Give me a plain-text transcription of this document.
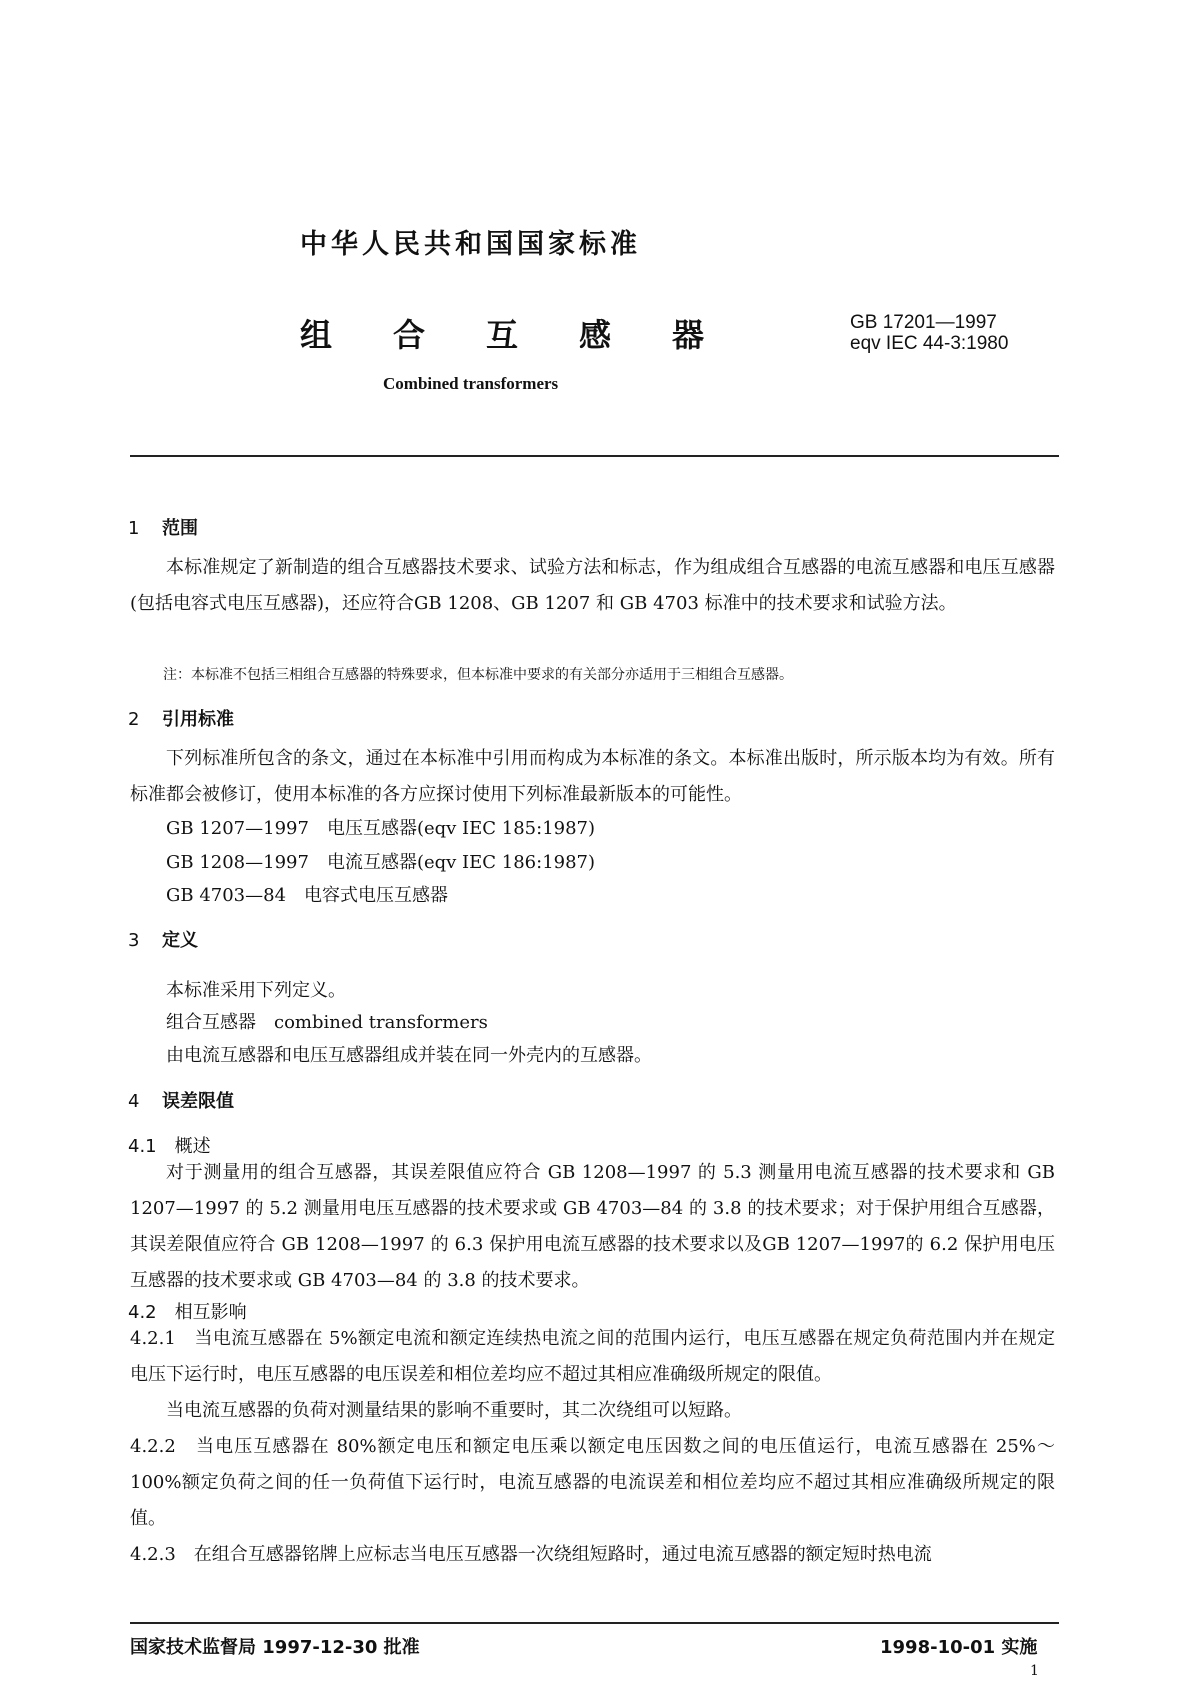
中华人民共和国国家标准
组 合 互 感 器	GB 17201—1997
eqv IEC 44-3:1980
Combined transformers
1 范围
本标准规定了新制造的组合互感器技术要求、试验方法和标志，作为组成组合互感器的电流互感器和电压互感器(包括电容式电压互感器)，还应符合GB 1208、GB 1207 和 GB 4703 标准中的技术要求和试验方法。
注：本标准不包括三相组合互感器的特殊要求，但本标准中要求的有关部分亦适用于三相组合互感器。
2 引用标准
下列标准所包含的条文，通过在本标准中引用而构成为本标准的条文。本标准出版时，所示版本均为有效。所有标准都会被修订，使用本标准的各方应探讨使用下列标准最新版本的可能性。
GB 1207—1997　电压互感器(eqv IEC 185:1987)
GB 1208—1997　电流互感器(eqv IEC 186:1987)
GB 4703—84　电容式电压互感器
3 定义
本标准采用下列定义。
组合互感器　combined transformers
由电流互感器和电压互感器组成并装在同一外壳内的互感器。
4 误差限值
4.1　概述
对于测量用的组合互感器，其误差限值应符合 GB 1208—1997 的 5.3 测量用电流互感器的技术要求和 GB 1207—1997 的 5.2 测量用电压互感器的技术要求或 GB 4703—84 的 3.8 的技术要求；对于保护用组合互感器，其误差限值应符合 GB 1208—1997 的 6.3 保护用电流互感器的技术要求以及GB 1207—1997的 6.2 保护用电压互感器的技术要求或 GB 4703—84 的 3.8 的技术要求。
4.2　相互影响
4.2.1　当电流互感器在 5%额定电流和额定连续热电流之间的范围内运行，电压互感器在规定负荷范围内并在规定电压下运行时，电压互感器的电压误差和相位差均应不超过其相应准确级所规定的限值。
当电流互感器的负荷对测量结果的影响不重要时，其二次绕组可以短路。
4.2.2　当电压互感器在 80%额定电压和额定电压乘以额定电压因数之间的电压值运行，电流互感器在 25%～100%额定负荷之间的任一负荷值下运行时，电流互感器的电流误差和相位差均应不超过其相应准确级所规定的限值。
4.2.3　在组合互感器铭牌上应标志当电压互感器一次绕组短路时，通过电流互感器的额定短时热电流
国家技术监督局 1997-12-30 批准	1998-10-01 实施
1
